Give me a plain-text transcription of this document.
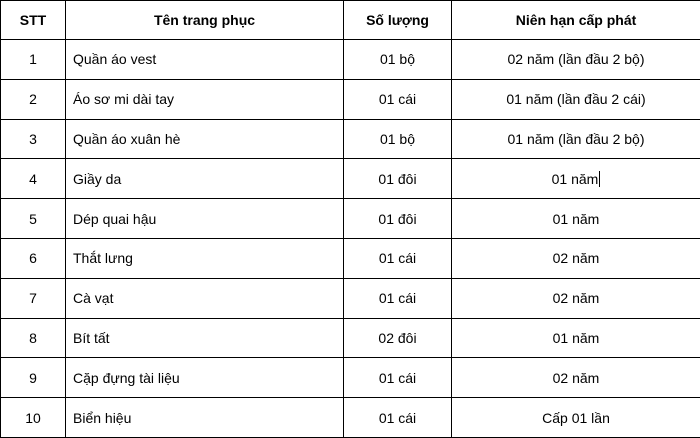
STT	Tên trang phục	Số lượng	Niên hạn cấp phát
1	Quần áo vest	01 bộ	02 năm (lần đầu 2 bộ)
2	Áo sơ mi dài tay	01 cái	01 năm (lần đầu 2 cái)
3	Quần áo xuân hè	01 bộ	01 năm (lần đầu 2 bộ)
4	Giầy da	01 đôi	01 năm
5	Dép quai hậu	01 đôi	01 năm
6	Thắt lưng	01 cái	02 năm
7	Cà vạt	01 cái	02 năm
8	Bít tất	02 đôi	01 năm
9	Cặp đựng tài liệu	01 cái	02 năm
10	Biển hiệu	01 cái	Cấp 01 lần
